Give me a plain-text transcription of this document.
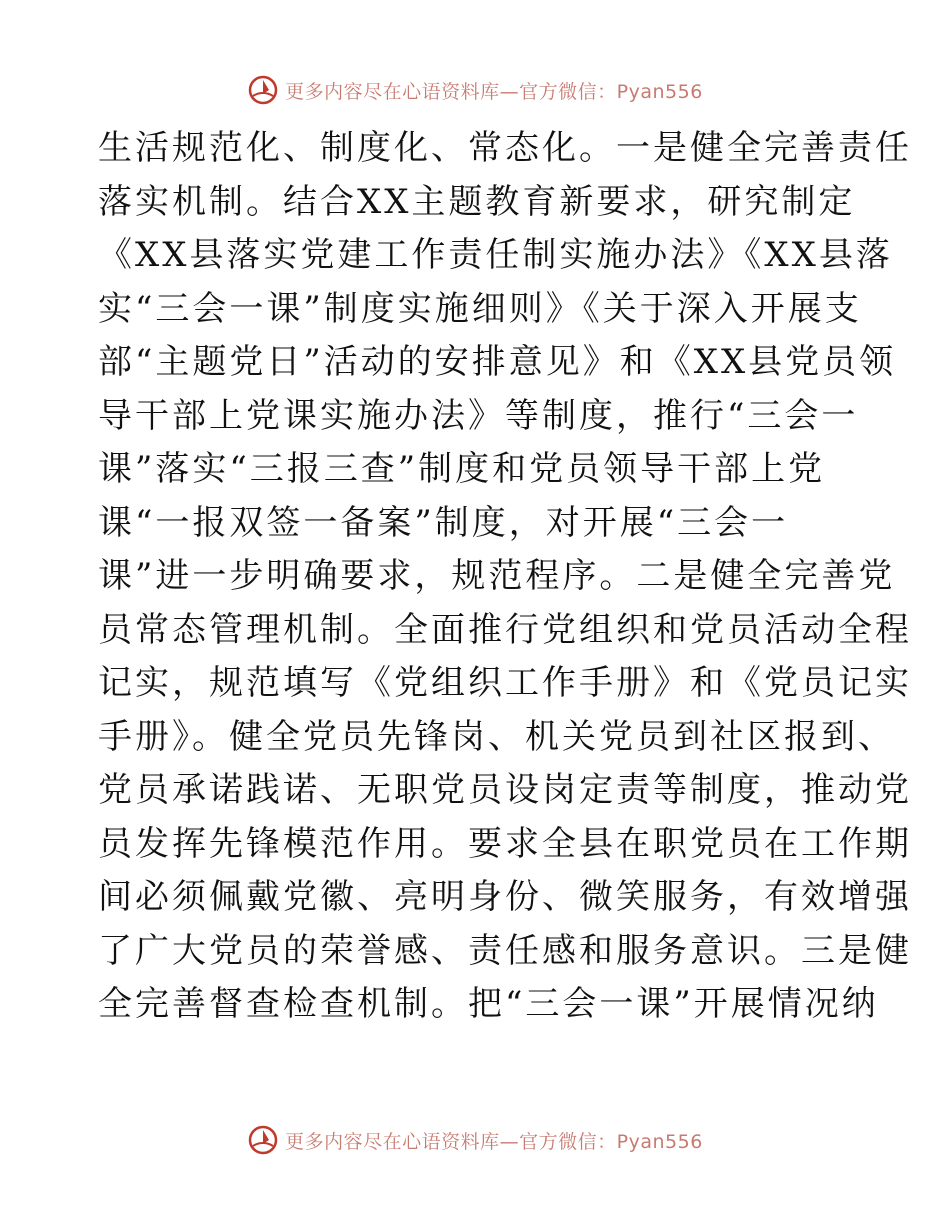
更多内容尽在心语资料库—官方微信：Pyan556
生活规范化、制度化、常态化。一是健全完善责任
落实机制。结合XX主题教育新要求，研究制定
《XX县落实党建工作责任制实施办法》《XX县落
实“三会一课”制度实施细则》《关于深入开展支
部“主题党日”活动的安排意见》和《XX县党员领
导干部上党课实施办法》等制度，推行“三会一
课”落实“三报三查”制度和党员领导干部上党
课“一报双签一备案”制度，对开展“三会一
课”进一步明确要求，规范程序。二是健全完善党
员常态管理机制。全面推行党组织和党员活动全程
记实，规范填写《党组织工作手册》和《党员记实
手册》。健全党员先锋岗、机关党员到社区报到、
党员承诺践诺、无职党员设岗定责等制度，推动党
员发挥先锋模范作用。要求全县在职党员在工作期
间必须佩戴党徽、亮明身份、微笑服务，有效增强
了广大党员的荣誉感、责任感和服务意识。三是健
全完善督查检查机制。把“三会一课”开展情况纳
更多内容尽在心语资料库—官方微信：Pyan556
